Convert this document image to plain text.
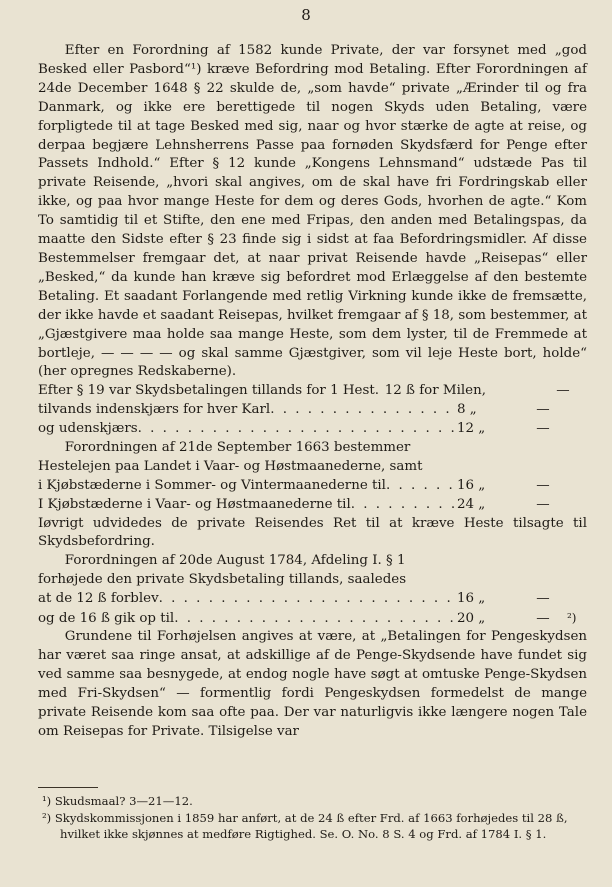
8

Efter en Forordning af 1582 kunde Private, der var forsynet med „god Besked eller Pasbord“¹) kræve Befordring mod Betaling. Efter Forordningen af 24de December 1648 § 22 skulde de, „som havde“ private „Ærinder til og fra Danmark, og ikke ere berettigede til nogen Skyds uden Betaling, være forpligtede til at tage Besked med sig, naar og hvor stærke de agte at reise, og derpaa begjære Lehnsherrens Passe paa fornøden Skydsfærd for Penge efter Passets Indhold.“ Efter § 12 kunde „Kongens Lehnsmand“ udstæde Pas til private Reisende, „hvori skal angives, om de skal have fri Fordringskab eller ikke, og paa hvor mange Heste for dem og deres Gods, hvorhen de agte.“ Kom To samtidig til et Stifte, den ene med Fripas, den anden med Betalingspas, da maatte den Sidste efter § 23 finde sig i sidst at faa Befordringsmidler. Af disse Bestemmelser fremgaar det, at naar privat Reisende havde „Reisepas“ eller „Besked,“ da kunde han kræve sig befordret mod Erlæggelse af den bestemte Betaling. Et saadant Forlangende med retlig Virkning kunde ikke de fremsætte, der ikke havde et saadant Reisepas, hvilket fremgaar af § 18, som bestemmer, at „Gjæstgivere maa holde saa mange Heste, som dem lyster, til de Fremmede at bortleje, — — — — og skal samme Gjæstgiver, som vil leje Heste bort, holde“ (her opregnes Redskaberne).

Efter § 19 var Skydsbetalingen tillands for 1 Hest . . . 12 ß for Milen,	—
tilvands indenskjærs for hver Karl . . .	8 „	—
og udenskjærs . . .	12 „	—
Forordningen af 21de September 1663 bestemmer
Hestelejen paa Landet i Vaar- og Høstmaanederne, samt
i Kjøbstæderne i Sommer- og Vintermaanederne til . . .	16 „	—
I Kjøbstæderne i Vaar- og Høstmaanederne til . . .	24 „	—

Iøvrigt udvidedes de private Reisendes Ret til at kræve Heste tilsagte til Skydsbefordring.

Forordningen af 20de August 1784, Afdeling I. § 1
forhøjede den private Skydsbetaling tillands, saaledes
at de 12 ß forblev . . .	16 „	—
og de 16 ß gik op til . . .	20 „	—	²)

Grundene til Forhøjelsen angives at være, at „Betalingen for Pengeskydsen har været saa ringe ansat, at adskillige af de Penge-Skydsende have fundet sig ved samme saa besnygede, at endog nogle have søgt at omtuske Penge-Skydsen med Fri-Skydsen“ — formentlig fordi Pengeskydsen formedelst de mange private Reisende kom saa ofte paa. Der var naturligvis ikke længere nogen Tale om Reisepas for Private. Tilsigelse var

¹) Skudsmaal? 3—21—12.

²) Skydskommissjonen i 1859 har anført, at de 24 ß efter Frd. af 1663 forhøjedes til 28 ß, hvilket ikke skjønnes at medføre Rigtighed. Se. O. No. 8 S. 4 og Frd. af 1784 I. § 1.
